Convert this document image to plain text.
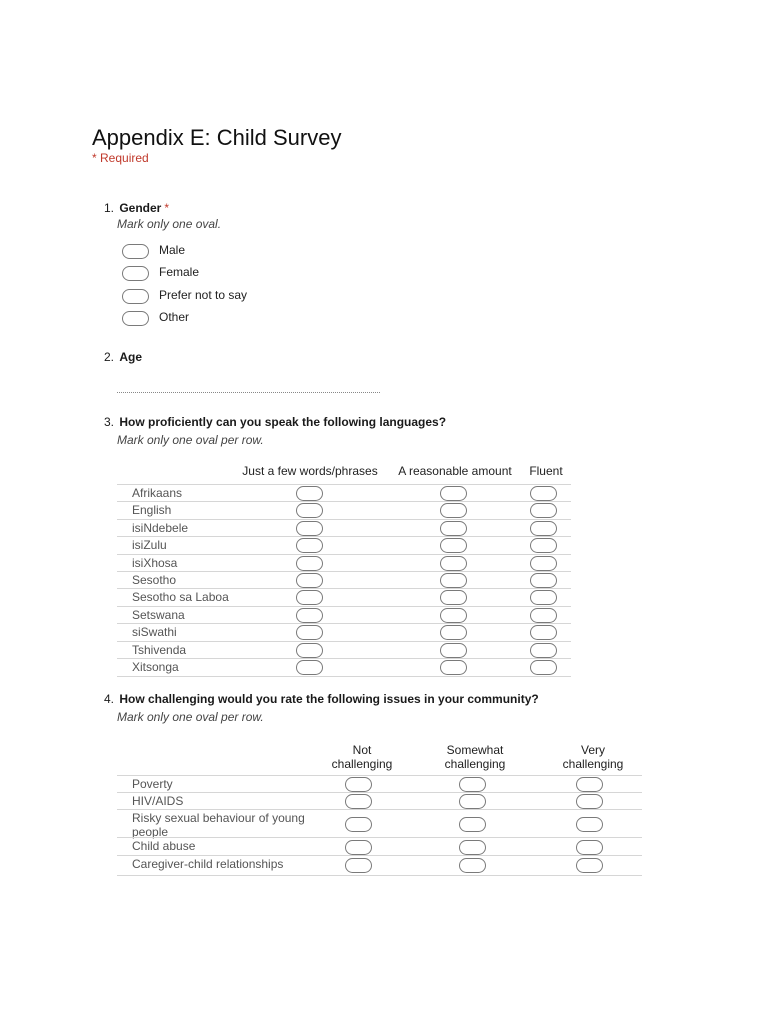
Appendix E: Child Survey
* Required
1. Gender *
Mark only one oval.
Male
Female
Prefer not to say
Other
2. Age
3. How proficiently can you speak the following languages?
Mark only one oval per row.
Just a few words/phrases	A reasonable amount	Fluent
Afrikaans
English
isiNdebele
isiZulu
isiXhosa
Sesotho
Sesotho sa Laboa
Setswana
siSwathi
Tshivenda
Xitsonga
4. How challenging would you rate the following issues in your community?
Mark only one oval per row.
Not challenging
Somewhat challenging
Very challenging
Poverty
HIV/AIDS
Risky sexual behaviour of young people
Child abuse
Caregiver-child relationships
